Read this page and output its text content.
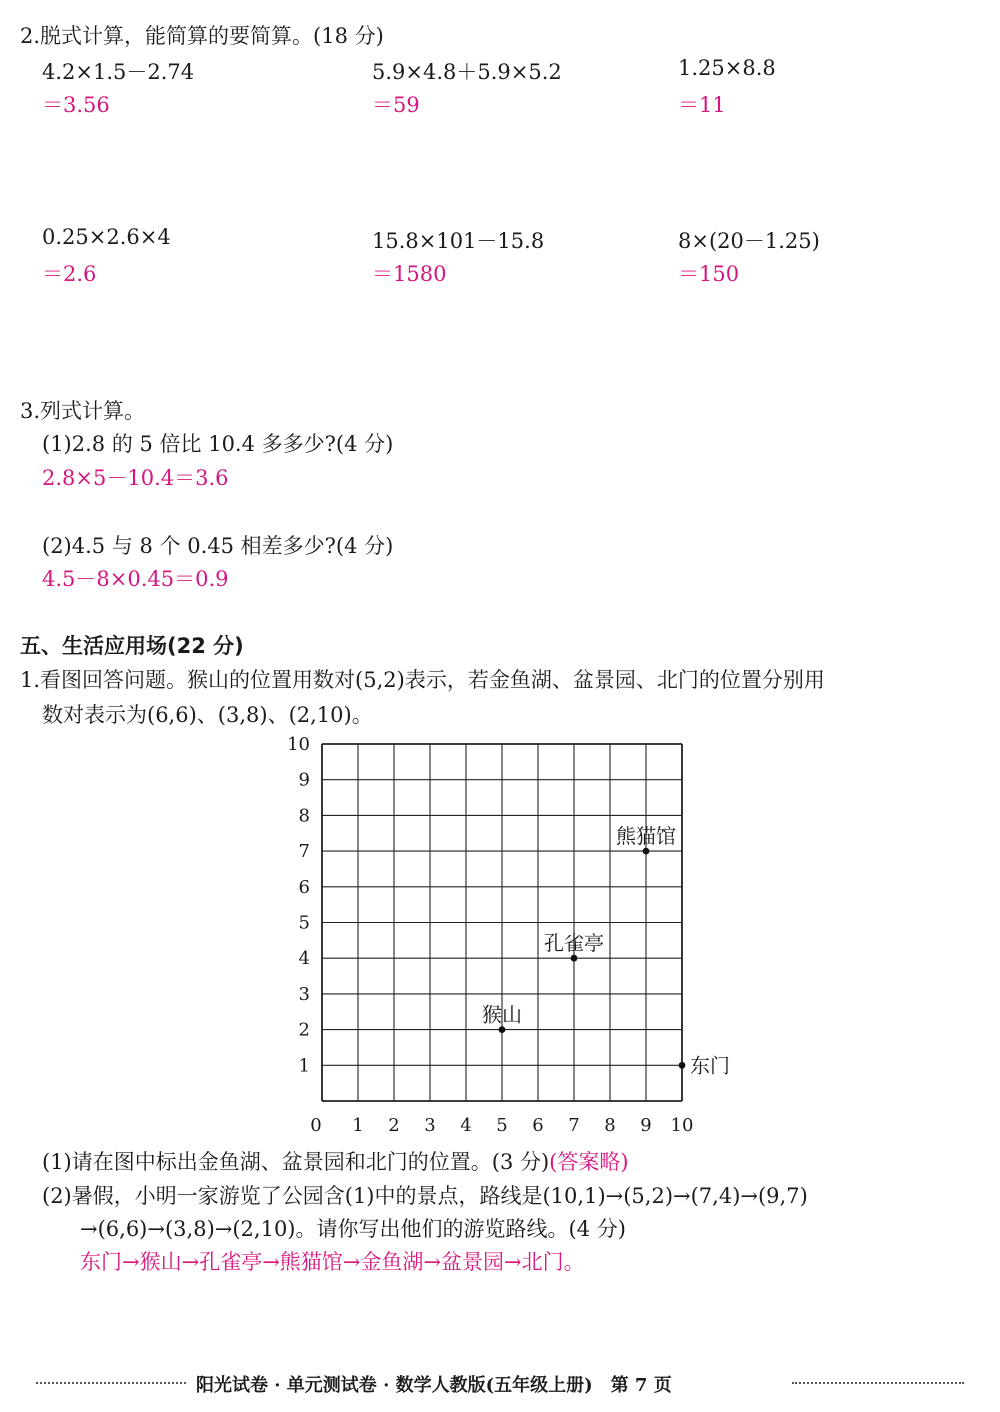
2.脱式计算，能简算的要简算。(18 分)
4.2×1.5－2.74
＝3.56
5.9×4.8＋5.9×5.2
＝59
1.25×8.8
＝11
0.25×2.6×4
＝2.6
15.8×101－15.8
＝1580
8×(20－1.25)
＝150
3.列式计算。
(1)2.8 的 5 倍比 10.4 多多少?(4 分)
2.8×5－10.4＝3.6
(2)4.5 与 8 个 0.45 相差多少?(4 分)
4.5－8×0.45＝0.9
五、生活应用场(22 分)
1.看图回答问题。猴山的位置用数对(5,2)表示，若金鱼湖、盆景园、北门的位置分别用
数对表示为(6,6)、(3,8)、(2,10)。
0 1 2 3 4 5 6 7 8 9 10
1
2
3
4
5
6
7
8
9
10
熊猫馆
孔雀亭
猴山
东门
(1)请在图中标出金鱼湖、盆景园和北门的位置。(3 分)(答案略)
(2)暑假，小明一家游览了公园含(1)中的景点，路线是(10,1)→(5,2)→(7,4)→(9,7)
→(6,6)→(3,8)→(2,10)。请你写出他们的游览路线。(4 分)
东门→猴山→孔雀亭→熊猫馆→金鱼湖→盆景园→北门。
阳光试卷 · 单元测试卷 · 数学人教版(五年级上册)　第 7 页
